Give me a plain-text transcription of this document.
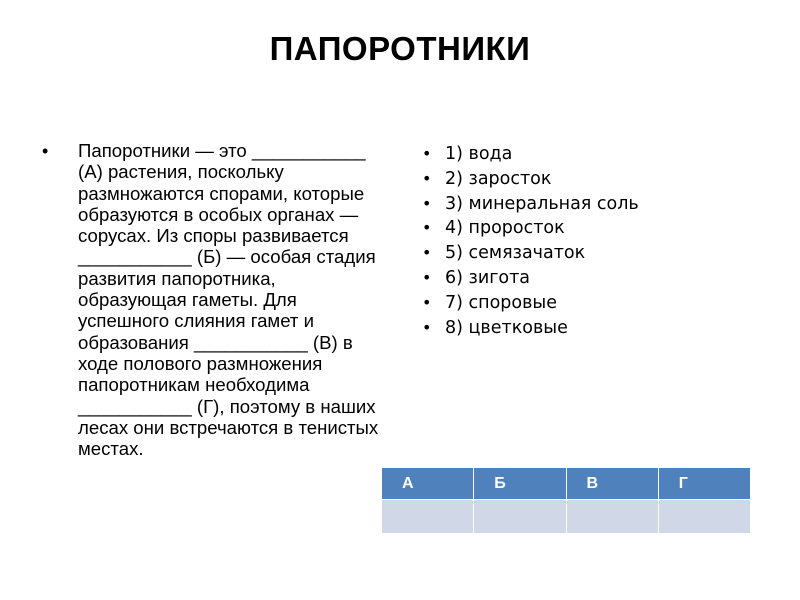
ПАПОРОТНИКИ
• Папоротники — это ___________ (А) растения, поскольку размножаются спорами, которые образуются в особых органах — сорусах. Из споры развивается ___________ (Б) — особая стадия развития папоротника, образующая гаметы. Для успешного слияния гамет и образования ___________ (В) в ходе полового размножения папоротникам необходима ___________ (Г), поэтому в наших лесах они встречаются в тенистых местах.
• 1) вода
• 2) заросток
• 3) минеральная соль
• 4) проросток
• 5) семязачаток
• 6) зигота
• 7) споровые
• 8) цветковые
А	Б	В	Г
